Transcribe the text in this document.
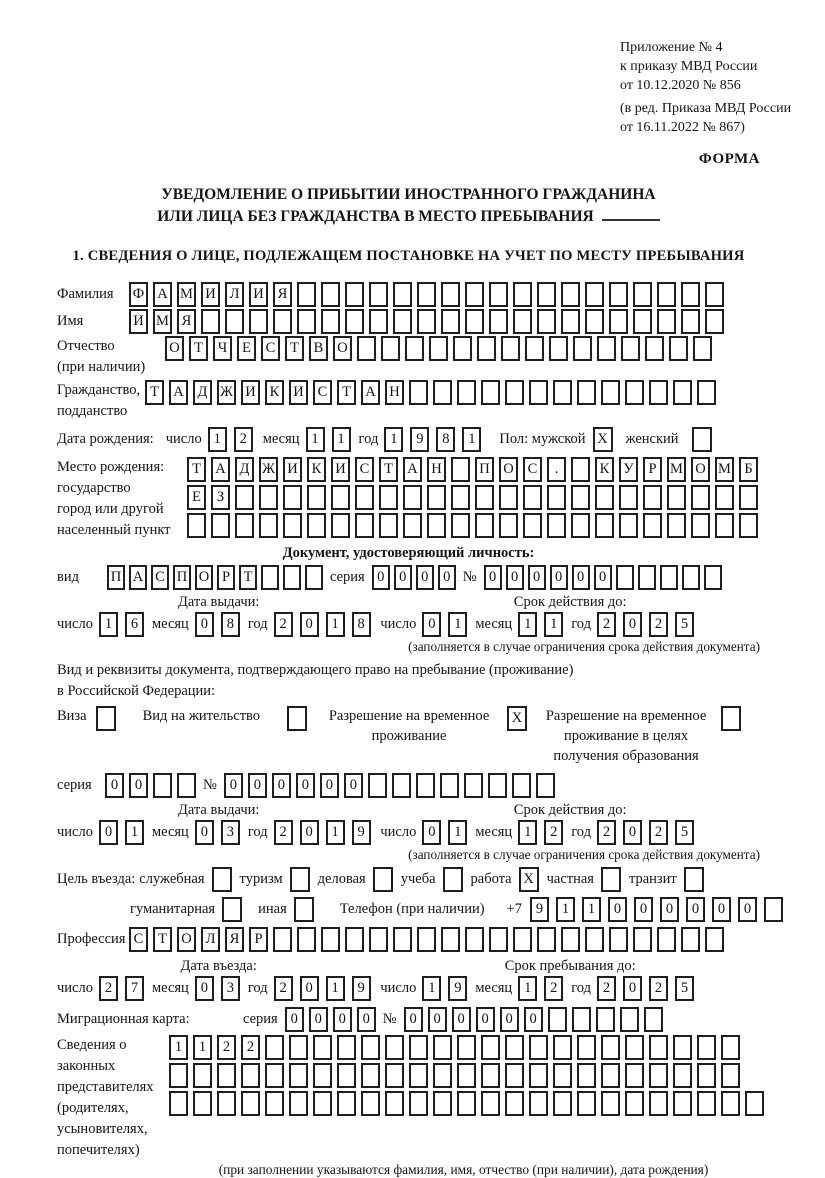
Приложение № 4
к приказу МВД России
от 10.12.2020 № 856
(в ред. Приказа МВД России
от 16.11.2022 № 867)
ФОРМА
УВЕДОМЛЕНИЕ О ПРИБЫТИИ ИНОСТРАННОГО ГРАЖДАНИНА
ИЛИ ЛИЦА БЕЗ ГРАЖДАНСТВА В МЕСТО ПРЕБЫВАНИЯ
1. СВЕДЕНИЯ О ЛИЦЕ, ПОДЛЕЖАЩЕМ ПОСТАНОВКЕ НА УЧЕТ ПО МЕСТУ ПРЕБЫВАНИЯ
Фамилия	Ф А М И Л И Я
Имя	И М Я
Отчество
(при наличии)
О Т	Ч	Е	С	Т	В О
Гражданство,
подданство
Т А Д Ж И К И С	Т А Н
Дата рождения: число 1	2	месяц 1	1 год 1	9	8	1	Пол: мужской X	женский
Место рождения:
государство
город или другой
населенный пункт
Т А Д Ж И К И С	Т А Н	П О С	.	К У	Р М О М Б
Е	З
Документ, удостоверяющий личность:
вид	П А С П О Р Т	серия 0	0	0	0 № 0	0	0	0	0	0
Дата выдачи:
число 1	6 месяц 0	8 год 2	0	1	8
Срок действия до:
число 0	1 месяц 1	1 год 2	0	2	5
(заполняется в случае ограничения срока действия документа)
Вид и реквизиты документа, подтверждающего право на пребывание (проживание)
в Российской Федерации:
Виза	Вид на жительство	Разрешение на временное проживание
X	Разрешение на временное проживание в целях получения образования
серия	0	0	№ 0	0	0	0	0	0
Дата выдачи:
число 0	1 месяц 0	3 год 2	0	1	9
Срок действия до:
число 0	1 месяц 1	2 год 2	0	2	5
(заполняется в случае ограничения срока действия документа)
Цель въезда: служебная туризм деловая учеба работа X частная транзит
гуманитарная	иная	Телефон (при наличии) +7 9	1	1	0	0	0	0	0	0
Профессия С	Т О Л Я	Р
Дата въезда:
число 2	7 месяц 0	3 год 2	0	1	9
Срок пребывания до:
число 1	9 месяц 1	2 год 2	0	2	5
Миграционная карта:	серия 0	0	0	0 № 0	0	0	0	0	0
Сведения о
законных
представителях
(родителях,
усыновителях,
попечителях)
1	1	2	2
(при заполнении указываются фамилия, имя, отчество (при наличии), дата рождения)
